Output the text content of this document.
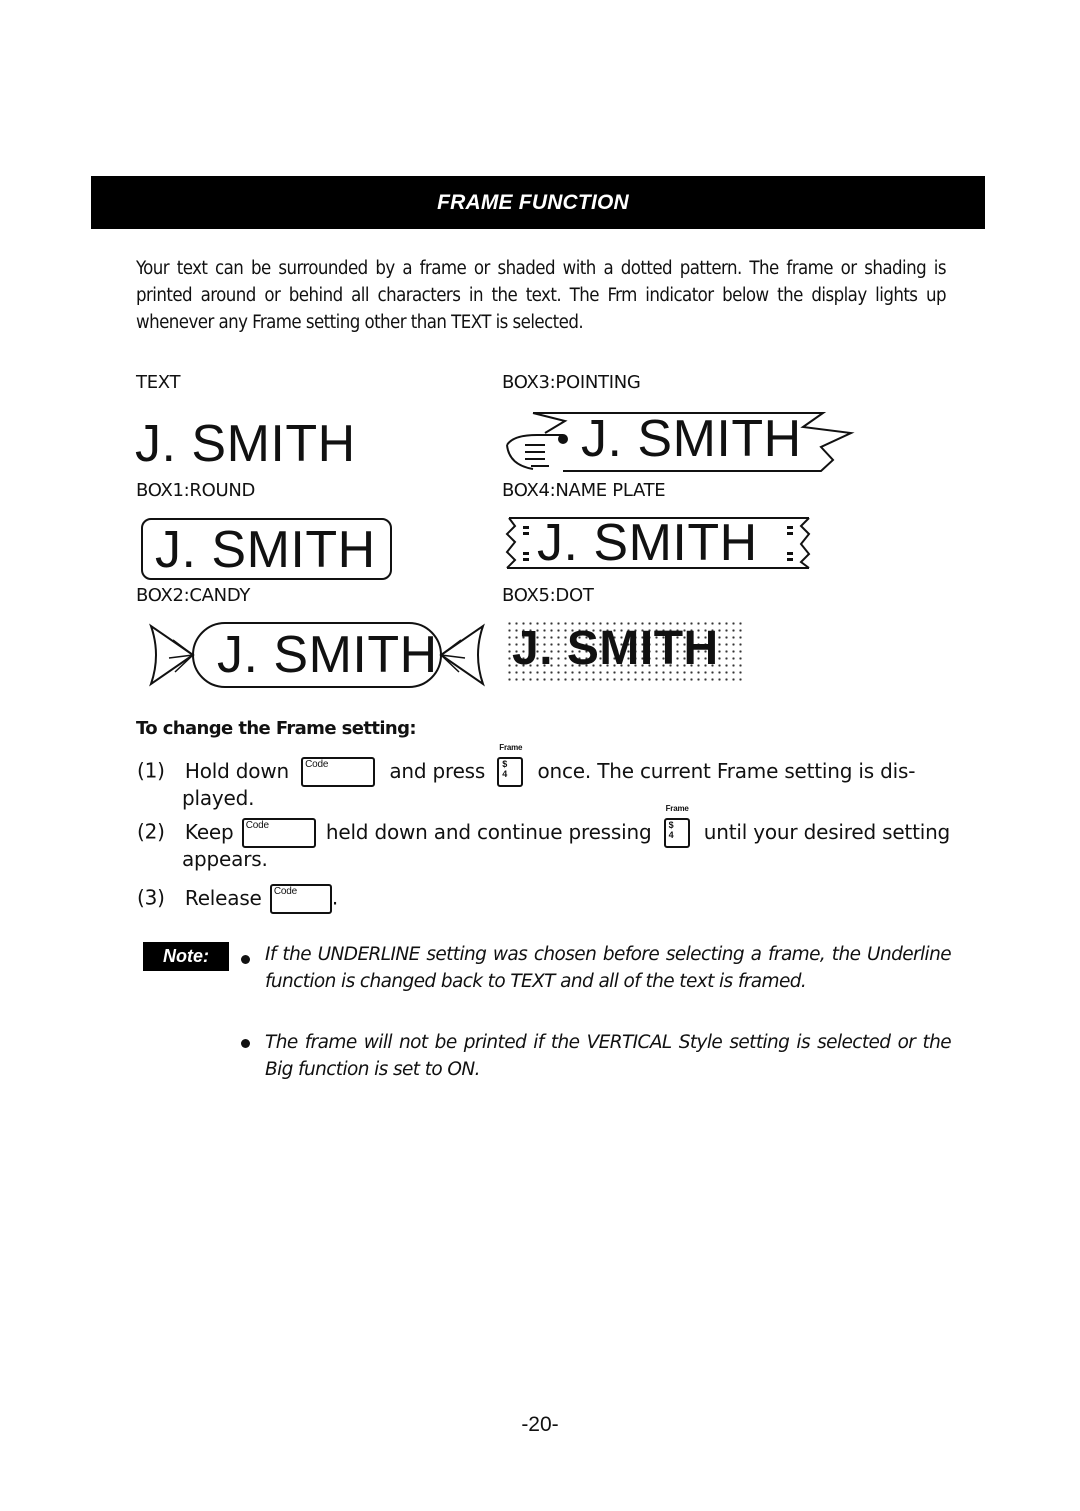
FRAME FUNCTION
Your text can be surrounded by a frame or shaded with a dotted pattern. The frame or shading is printed around or behind all characters in the text. The Frm indicator below the display lights up whenever any Frame setting other than TEXT is selected.
TEXT
J. SMITH
BOX1:ROUND
J. SMITH
BOX2:CANDY
J. SMITH
BOX3:POINTING
J. SMITH
BOX4:NAME PLATE
J. SMITH
BOX5:DOT
J. SMITH
To change the Frame setting:
(1) Hold down Code	and press
Frame
$
4 once. The current Frame setting is dis-
played.
(2) Keep Code	held down and continue pressing
Frame
$
4 until your desired setting
appears.
(3) Release Code .
Note:	If the UNDERLINE setting was chosen before selecting a frame, the Underline function is changed back to TEXT and all of the text is framed.
The frame will not be printed if the VERTICAL Style setting is selected or the Big function is set to ON.
-20-
